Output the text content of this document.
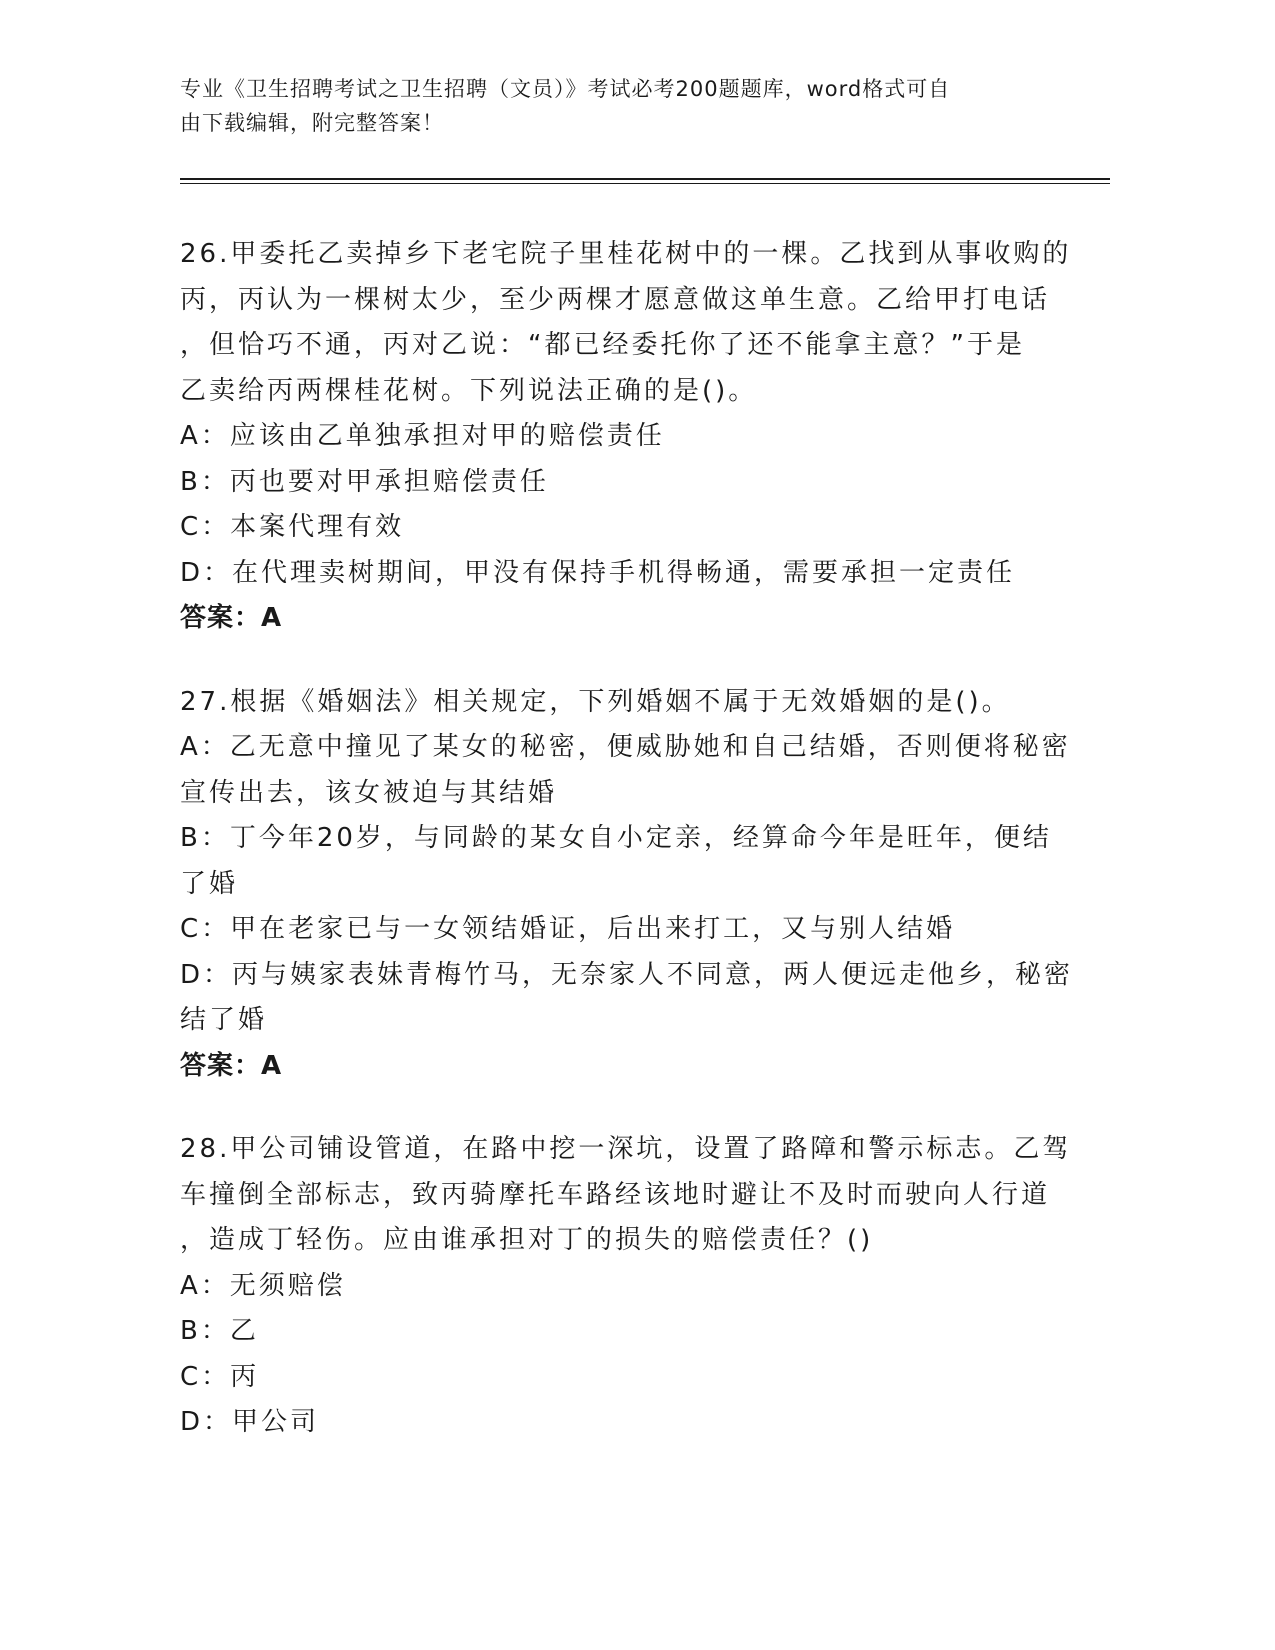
专业《卫生招聘考试之卫生招聘（文员）》考试必考200题题库，word格式可自
由下载编辑，附完整答案！
26.甲委托乙卖掉乡下老宅院子里桂花树中的一棵。乙找到从事收购的
丙，丙认为一棵树太少，至少两棵才愿意做这单生意。乙给甲打电话
，但恰巧不通，丙对乙说：“都已经委托你了还不能拿主意？”于是
乙卖给丙两棵桂花树。下列说法正确的是()。
A：应该由乙单独承担对甲的赔偿责任
B：丙也要对甲承担赔偿责任
C：本案代理有效
D：在代理卖树期间，甲没有保持手机得畅通，需要承担一定责任
答案：A
27.根据《婚姻法》相关规定，下列婚姻不属于无效婚姻的是()。
A：乙无意中撞见了某女的秘密，便威胁她和自己结婚，否则便将秘密
宣传出去，该女被迫与其结婚
B：丁今年20岁，与同龄的某女自小定亲，经算命今年是旺年，便结
了婚
C：甲在老家已与一女领结婚证，后出来打工，又与别人结婚
D：丙与姨家表妹青梅竹马，无奈家人不同意，两人便远走他乡，秘密
结了婚
答案：A
28.甲公司铺设管道，在路中挖一深坑，设置了路障和警示标志。乙驾
车撞倒全部标志，致丙骑摩托车路经该地时避让不及时而驶向人行道
，造成丁轻伤。应由谁承担对丁的损失的赔偿责任？()
A：无须赔偿
B：乙
C：丙
D：甲公司
